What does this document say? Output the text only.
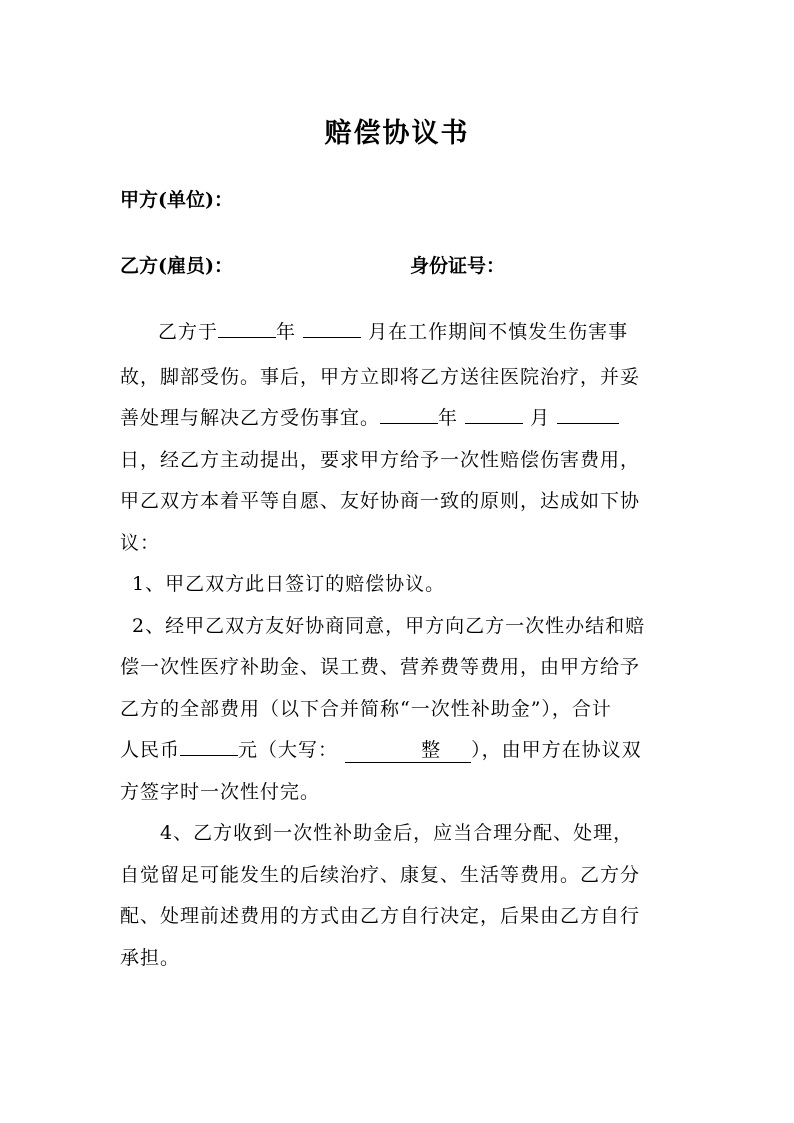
赔偿协议书
甲方(单位)：
乙方(雇员)：	身份证号：
乙方于	年	月在工作期间不慎发生伤害事
故，脚部受伤。事后，甲方立即将乙方送往医院治疗，并妥
善处理与解决乙方受伤事宜。	年	月
日，经乙方主动提出，要求甲方给予一次性赔偿伤害费用，
甲乙双方本着平等自愿、友好协商一致的原则，达成如下协
议：
1、甲乙双方此日签订的赔偿协议。
2、经甲乙双方友好协商同意，甲方向乙方一次性办结和赔
偿一次性医疗补助金、误工费、营养费等费用，由甲方给予
乙方的全部费用（以下合并简称“一次性补助金”），合计
人民币	元（大写：	整 ），由甲方在协议双
方签字时一次性付完。
4、乙方收到一次性补助金后，应当合理分配、处理，
自觉留足可能发生的后续治疗、康复、生活等费用。乙方分
配、处理前述费用的方式由乙方自行决定，后果由乙方自行
承担。
